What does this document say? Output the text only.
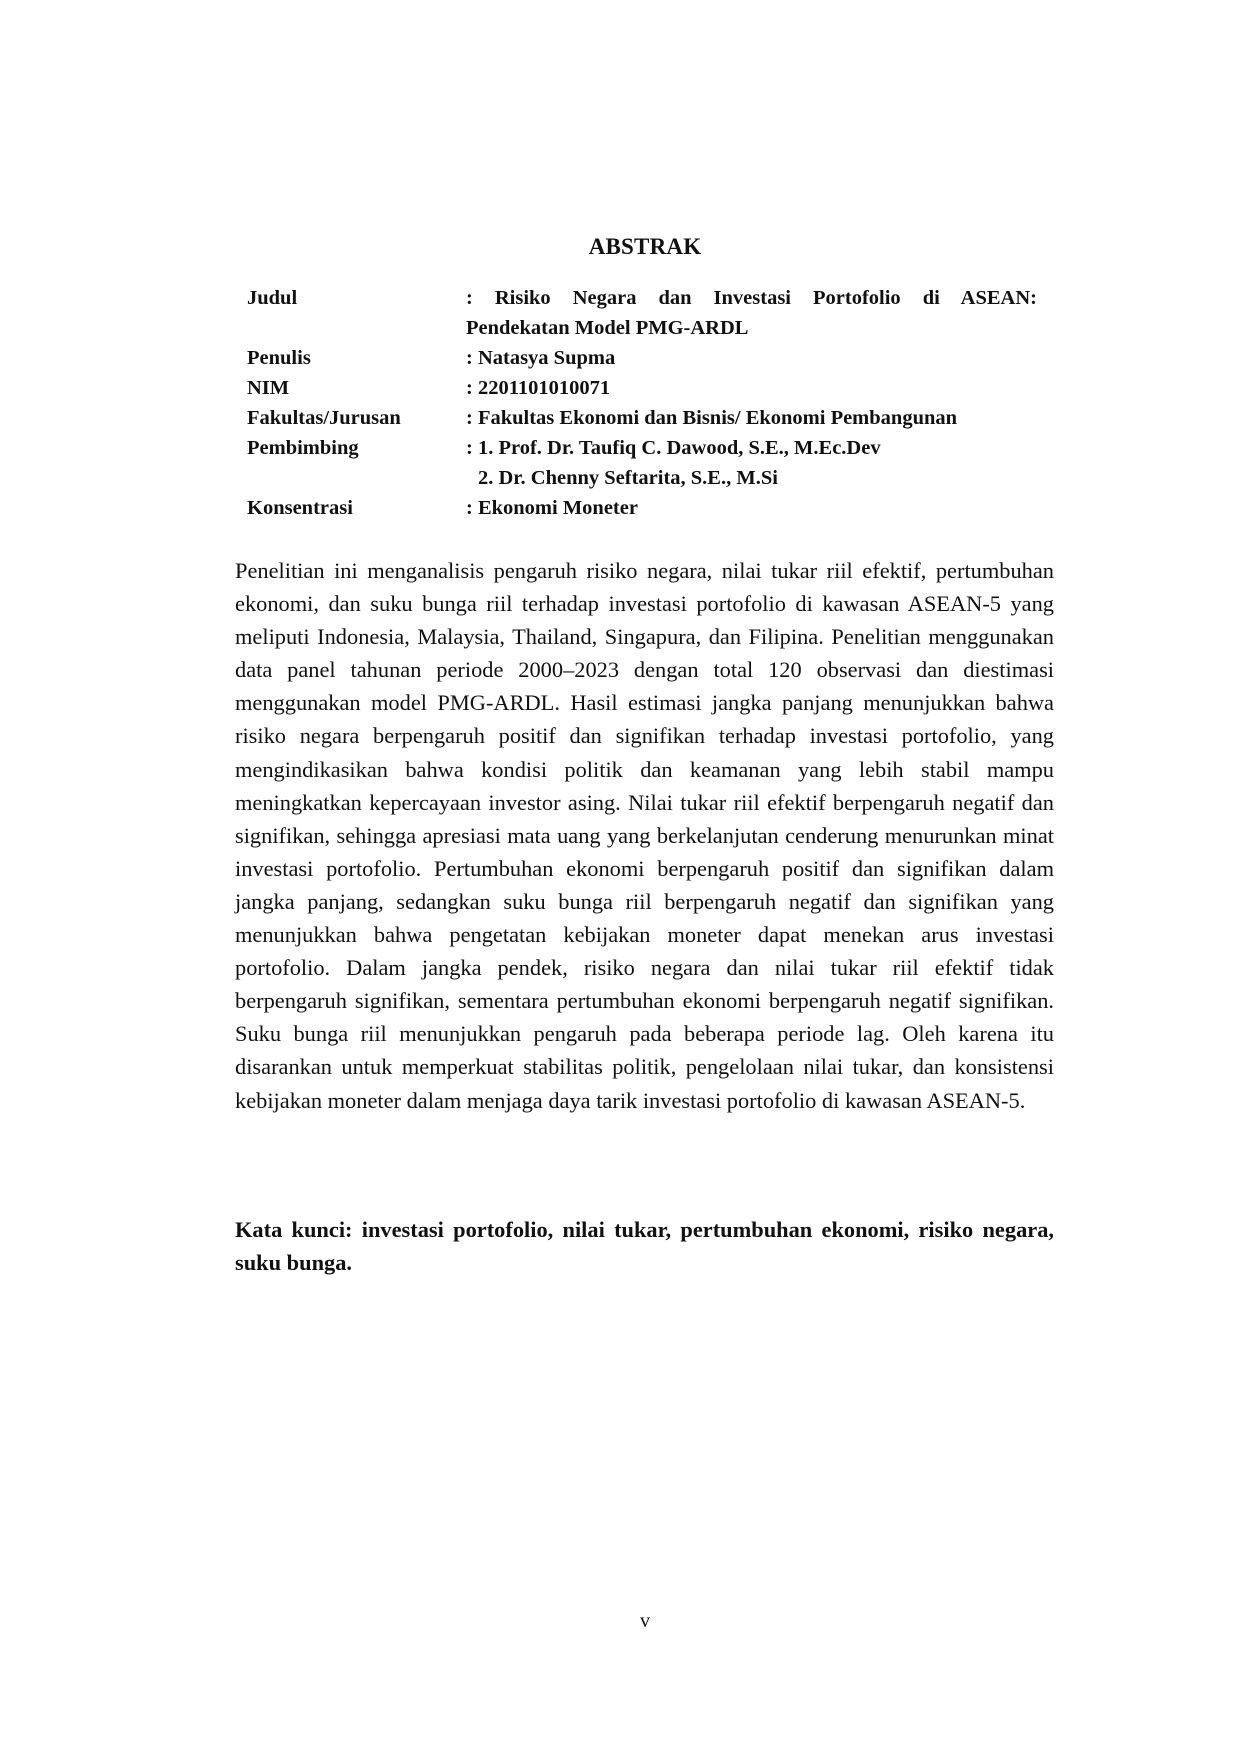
ABSTRAK
Judul	: Risiko Negara dan Investasi Portofolio di ASEAN:
Pendekatan Model PMG-ARDL
Penulis	: Natasya Supma
NIM	: 2201101010071
Fakultas/Jurusan	: Fakultas Ekonomi dan Bisnis/ Ekonomi Pembangunan
Pembimbing	: 1. Prof. Dr. Taufiq C. Dawood, S.E., M.Ec.Dev
2. Dr. Chenny Seftarita, S.E., M.Si
Konsentrasi	: Ekonomi Moneter

Penelitian ini menganalisis pengaruh risiko negara, nilai tukar riil efektif, pertumbuhan ekonomi, dan suku bunga riil terhadap investasi portofolio di kawasan ASEAN-5 yang meliputi Indonesia, Malaysia, Thailand, Singapura, dan Filipina. Penelitian menggunakan data panel tahunan periode 2000–2023 dengan total 120 observasi dan diestimasi menggunakan model PMG-ARDL. Hasil estimasi jangka panjang menunjukkan bahwa risiko negara berpengaruh positif dan signifikan terhadap investasi portofolio, yang mengindikasikan bahwa kondisi politik dan keamanan yang lebih stabil mampu meningkatkan kepercayaan investor asing. Nilai tukar riil efektif berpengaruh negatif dan signifikan, sehingga apresiasi mata uang yang berkelanjutan cenderung menurunkan minat investasi portofolio. Pertumbuhan ekonomi berpengaruh positif dan signifikan dalam jangka panjang, sedangkan suku bunga riil berpengaruh negatif dan signifikan yang menunjukkan bahwa pengetatan kebijakan moneter dapat menekan arus investasi portofolio. Dalam jangka pendek, risiko negara dan nilai tukar riil efektif tidak berpengaruh signifikan, sementara pertumbuhan ekonomi berpengaruh negatif signifikan. Suku bunga riil menunjukkan pengaruh pada beberapa periode lag. Oleh karena itu disarankan untuk memperkuat stabilitas politik, pengelolaan nilai tukar, dan konsistensi kebijakan moneter dalam menjaga daya tarik investasi portofolio di kawasan ASEAN-5.

Kata kunci: investasi portofolio, nilai tukar, pertumbuhan ekonomi, risiko negara, suku bunga.

v
